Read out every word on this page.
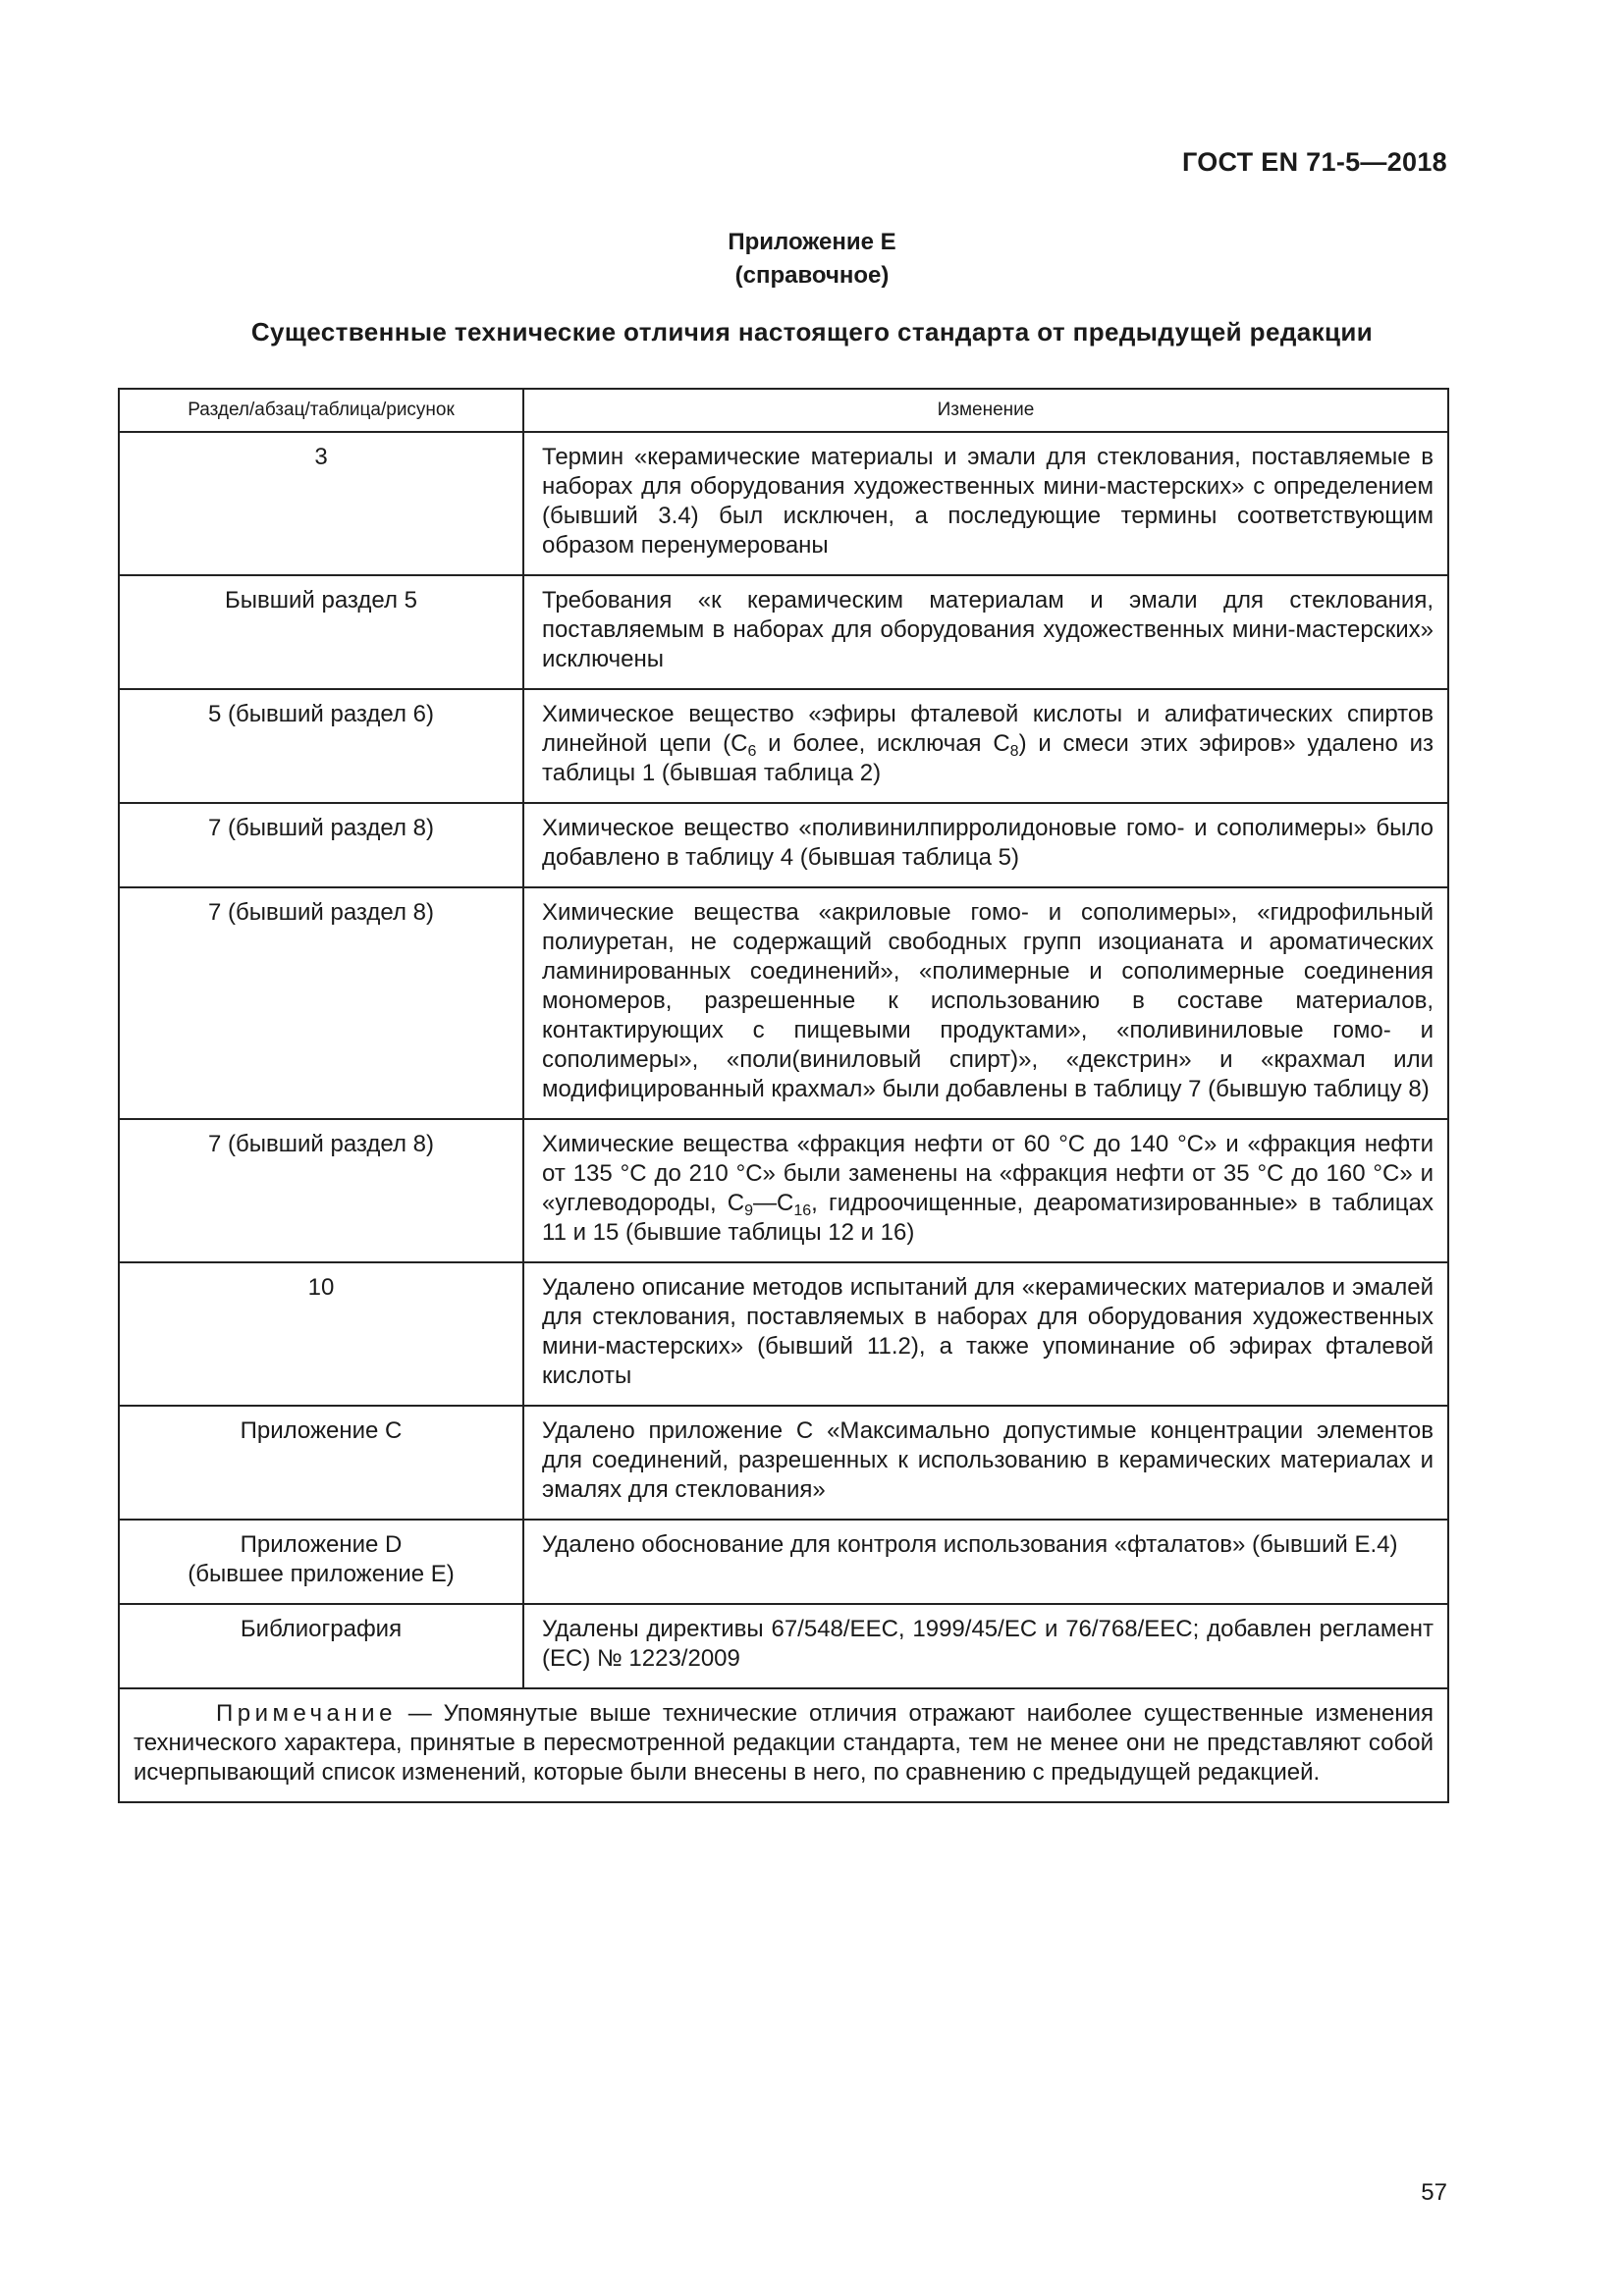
ГОСТ EN 71-5—2018
Приложение E
(справочное)
Существенные технические отличия настоящего стандарта от предыдущей редакции
Раздел/абзац/таблица/рисунок	Изменение
3	Термин «керамические материалы и эмали для стеклования, поставляемые в наборах для оборудования художественных мини-мастерских» с определением (бывший 3.4) был исключен, а последующие термины соответствующим образом перенумерованы
Бывший раздел 5	Требования «к керамическим материалам и эмали для стеклования, поставляемым в наборах для оборудования художественных мини-мастерских» исключены
5 (бывший раздел 6)	Химическое вещество «эфиры фталевой кислоты и алифатических спиртов линейной цепи ($C_6$ и более, исключая $C_8$) и смеси этих эфиров» удалено из таблицы 1 (бывшая таблица 2)
7 (бывший раздел 8)	Химическое вещество «поливинилпирролидоновые гомо- и сополимеры» было добавлено в таблицу 4 (бывшая таблица 5)
7 (бывший раздел 8)	Химические вещества «акриловые гомо- и сополимеры», «гидрофильный полиуретан, не содержащий свободных групп изоцианата и ароматических ламинированных соединений», «полимерные и сополимерные соединения мономеров, разрешенные к использованию в составе материалов, контактирующих с пищевыми продуктами», «поливиниловые гомо- и сополимеры», «поли(виниловый спирт)», «декстрин» и «крахмал или модифицированный крахмал» были добавлены в таблицу 7 (бывшую таблицу 8)
7 (бывший раздел 8)	Химические вещества «фракция нефти от 60 °C до 140 °C» и «фракция нефти от 135 °C до 210 °C» были заменены на «фракция нефти от 35 °C до 160 °C» и «углеводороды, $C_9—C_{16}$, гидроочищенные, деароматизированные» в таблицах 11 и 15 (бывшие таблицы 12 и 16)
10	Удалено описание методов испытаний для «керамических материалов и эмалей для стеклования, поставляемых в наборах для оборудования художественных мини-мастерских» (бывший 11.2), а также упоминание об эфирах фталевой кислоты
Приложение C	Удалено приложение C «Максимально допустимые концентрации элементов для соединений, разрешенных к использованию в керамических материалах и эмалях для стеклования»

Приложение D
(бывшее приложение E)	Удалено обоснование для контроля использования «фталатов» (бывший E.4)
Библиография	Удалены директивы 67/548/EEC, 1999/45/EC и 76/768/EEC; добавлен регламент (EC) № 1223/2009
Примечание — Упомянутые выше технические отличия отражают наиболее существенные изменения технического характера, принятые в пересмотренной редакции стандарта, тем не менее они не представляют собой исчерпывающий список изменений, которые были внесены в него, по сравнению с предыдущей редакцией.	
57
